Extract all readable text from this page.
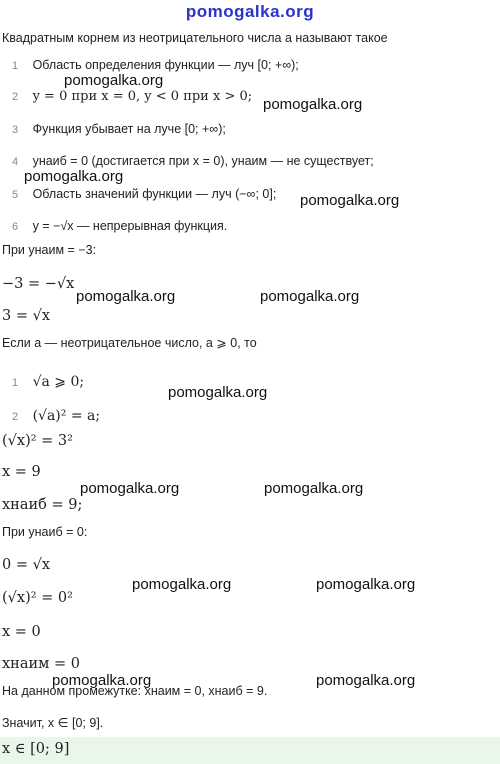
pomogalka.org
Квадратным корнем из неотрицательного числа a называют такое
1 Область определения функции — луч [0; +∞);
2 y = 0 при x = 0, y < 0 при x > 0;
3 Функция убывает на луче [0; +∞);
4 yнаиб = 0 (достигается при x = 0), yнаим — не существует;
5 Область значений функции — луч (−∞; 0];
6 y = −√x — непрерывная функция.
При yнаим = −3:
−3 = −√x
3 = √x
Если a — неотрицательное число, a ⩾ 0, то
1 √a ⩾ 0;
2 (√a)² = a;
(√x)² = 3²
x = 9
xнаиб = 9;
При yнаиб = 0:
0 = √x
(√x)² = 0²
x = 0
xнаим = 0
На данном промежутке: xнаим = 0, xнаиб = 9.
Значит, x ∈ [0; 9].
x ∈ [0; 9]
pomogalka.org
pomogalka.org
pomogalka.org
pomogalka.org
pomogalka.org	pomogalka.org
pomogalka.org
pomogalka.org	pomogalka.org
pomogalka.org	pomogalka.org
pomogalka.org	pomogalka.org
